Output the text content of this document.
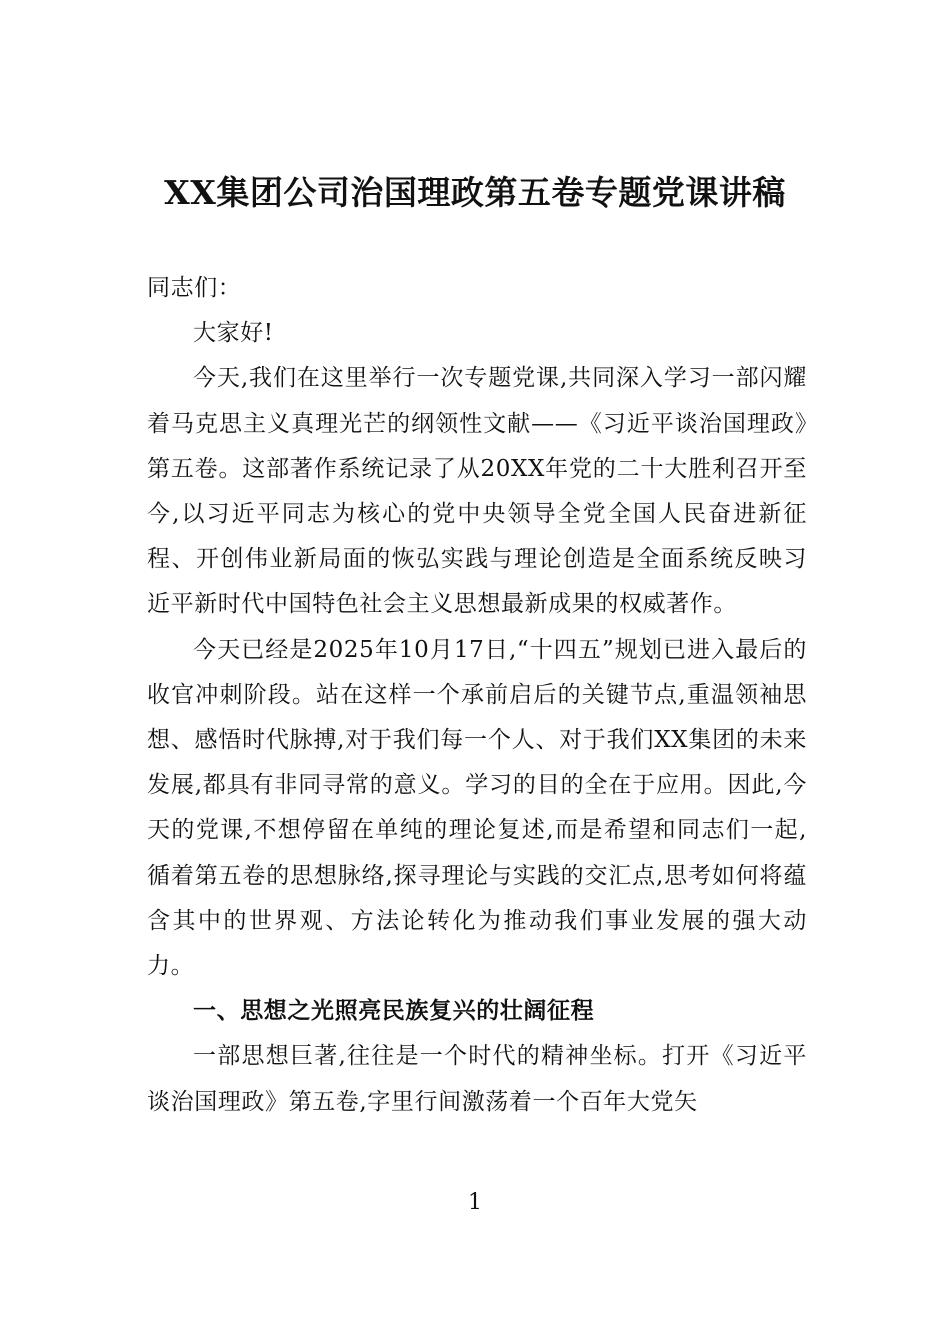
XX集团公司治国理政第五卷专题党课讲稿

同志们：

大家好!

今天,我们在这里举行一次专题党课,共同深入学习一部闪耀着马克思主义真理光芒的纲领性文献——《习近平谈治国理政》第五卷。这部著作系统记录了从20XX年党的二十大胜利召开至今,以习近平同志为核心的党中央领导全党全国人民奋进新征程、开创伟业新局面的恢弘实践与理论创造是全面系统反映习近平新时代中国特色社会主义思想最新成果的权威著作。

今天已经是2025年10月17日,“十四五”规划已进入最后的收官冲刺阶段。站在这样一个承前启后的关键节点,重温领袖思想、感悟时代脉搏,对于我们每一个人、对于我们XX集团的未来发展,都具有非同寻常的意义。学习的目的全在于应用。因此,今天的党课,不想停留在单纯的理论复述,而是希望和同志们一起,循着第五卷的思想脉络,探寻理论与实践的交汇点,思考如何将蕴含其中的世界观、方法论转化为推动我们事业发展的强大动力。

一、思想之光照亮民族复兴的壮阔征程

一部思想巨著,往往是一个时代的精神坐标。打开《习近平谈治国理政》第五卷,字里行间激荡着一个百年大党矢

1
